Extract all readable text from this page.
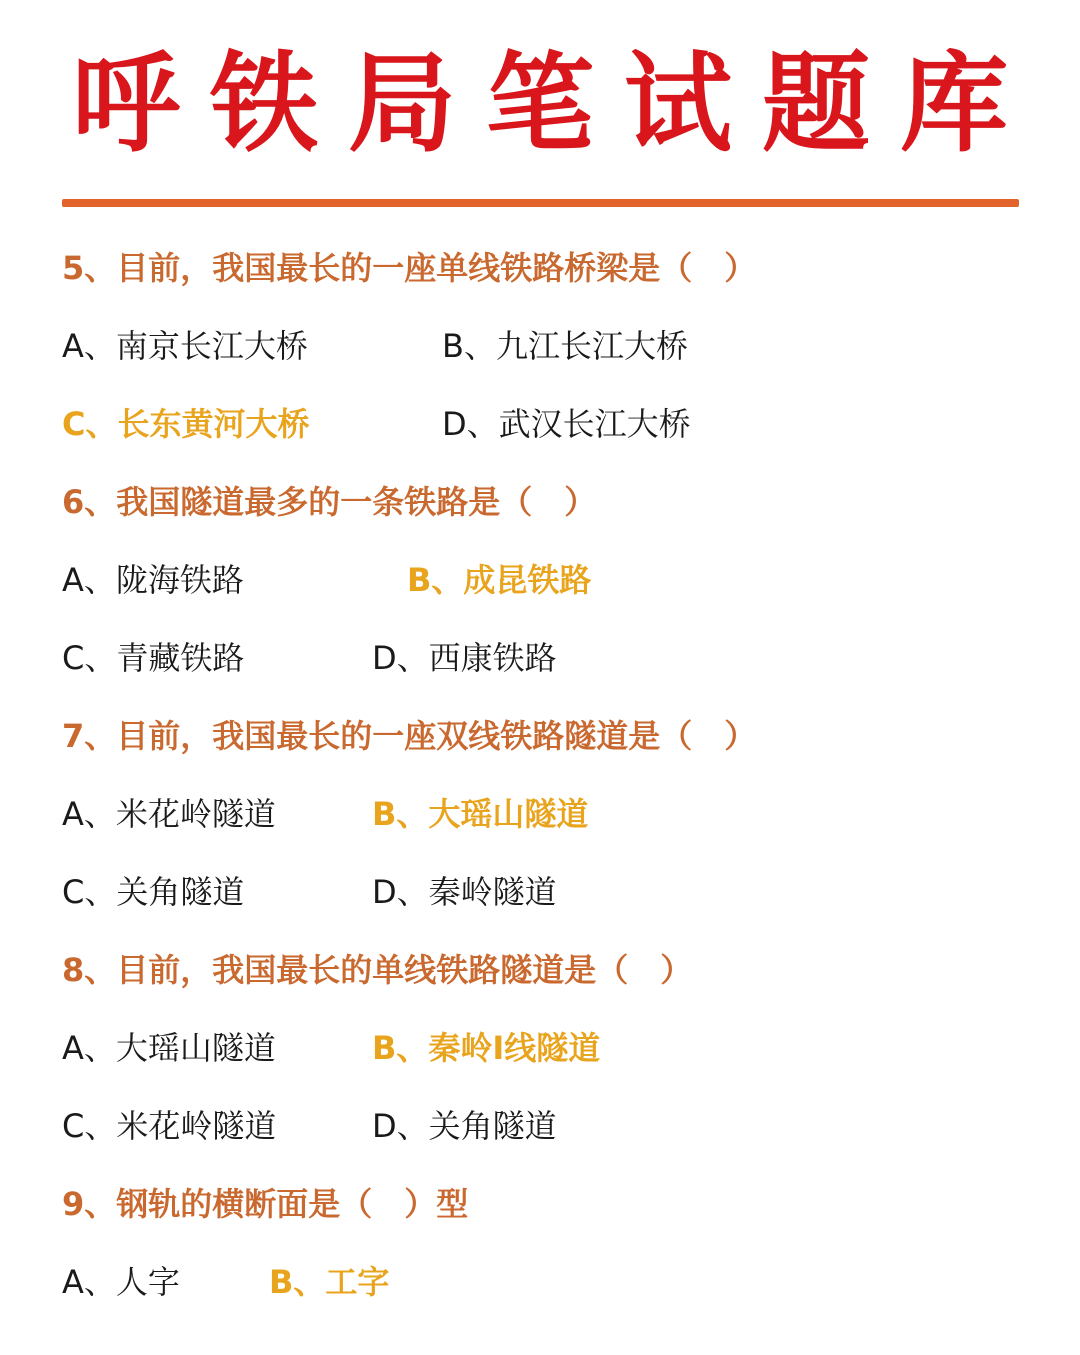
呼铁局笔试题库
5、目前，我国最长的一座单线铁路桥梁是（　）
A、南京长江大桥	B、九江长江大桥
C、长东黄河大桥	D、武汉长江大桥
6、我国隧道最多的一条铁路是（　）
A、陇海铁路	B、成昆铁路
C、青藏铁路	D、西康铁路
7、目前，我国最长的一座双线铁路隧道是（　）
A、米花岭隧道	B、大瑶山隧道
C、关角隧道	D、秦岭隧道
8、目前，我国最长的单线铁路隧道是（　）
A、大瑶山隧道	B、秦岭I线隧道
C、米花岭隧道	D、关角隧道
9、钢轨的横断面是（　）型
A、人字	B、工字
